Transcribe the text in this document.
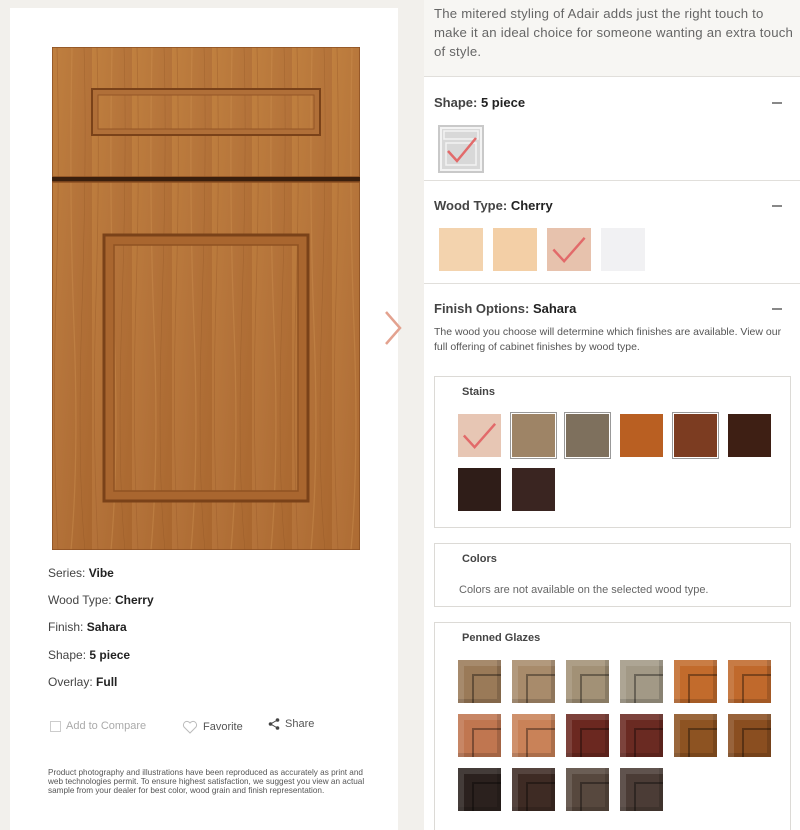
Series: Vibe
Wood Type: Cherry
Finish: Sahara
Shape: 5 piece
Overlay: Full
Add to Compare	Favorite	Share
Product photography and illustrations have been reproduced as accurately as print and web technologies permit. To ensure highest satisfaction, we suggest you view an actual sample from your dealer for best color, wood grain and finish representation.
The mitered styling of Adair adds just the right touch to make it an ideal choice for someone wanting an extra touch of style.
Shape: 5 piece
Wood Type: Cherry
Finish Options: Sahara
The wood you choose will determine which finishes are available. View our full offering of cabinet finishes by wood type.
Stains
Colors
Colors are not available on the selected wood type.
Penned Glazes
